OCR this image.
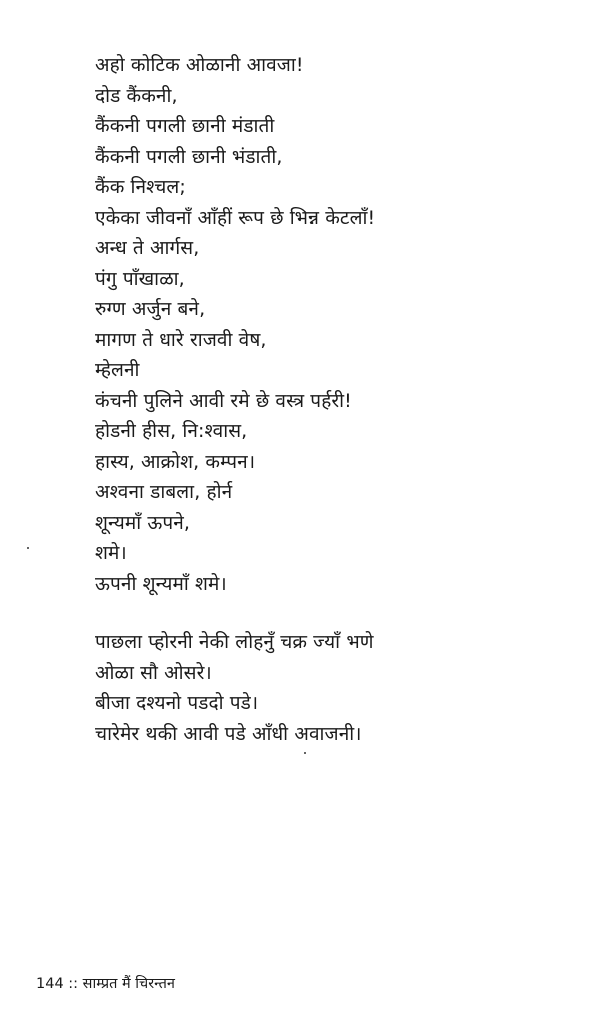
अहो कोटिक ओळानी आवजा!
दोड कैंकनी,
कैंकनी पगली छानी मंडाती
कैंकनी पगली छानी भंडाती,
कैंक निश्चल;
एकेका जीवनाँ आँहीं रूप छे भिन्न केटलाँ!
अन्ध ते आर्गस,
पंगु पाँखाळा,
रुग्ण अर्जुन बने,
मागण ते धारे राजवी वेष,
म्हेलनी
कंचनी पुलिने आवी रमे छे वस्त्र पर्हरी!
होडनी हीस, नि:श्वास,
हास्य, आक्रोश, कम्पन।
अश्वना डाबला, होर्न
शून्यमाँ ऊपने,
शमे।
ऊपनी शून्यमाँ शमे।
पाछला प्होरनी नेकी लोहनुँ चक्र ज्याँ भणे
ओळा सौ ओसरे।
बीजा दश्यनो पडदो पडे।
चारेमेर थकी आवी पडे आँधी अवाजनी।
144 :: साम्प्रत मैं चिरन्तन
